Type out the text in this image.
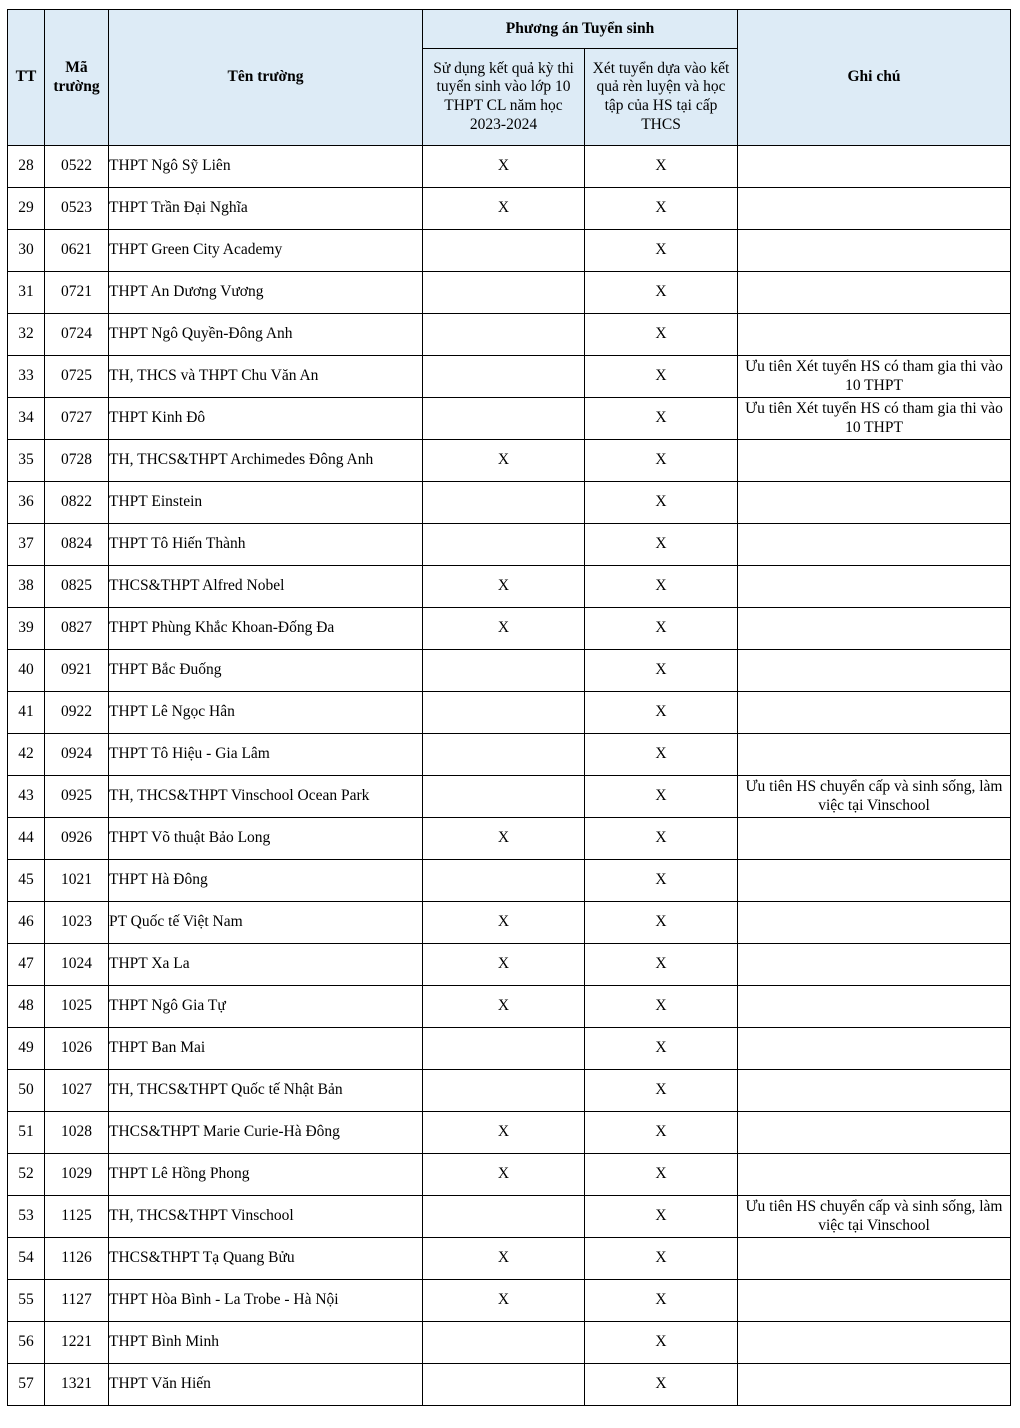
TT	Mã trường	Tên trường	Phương án Tuyển sinh		Ghi chú
			Sử dụng kết quả kỳ thi tuyển sinh vào lớp 10 THPT CL năm học 2023-2024	Xét tuyển dựa vào kết quả rèn luyện và học tập của HS tại cấp THCS	
28	0522	THPT Ngô Sỹ Liên	X	X	
29	0523	THPT Trần Đại Nghĩa	X	X	
30	0621	THPT Green City Academy		X	
31	0721	THPT An Dương Vương		X	
32	0724	THPT Ngô Quyền-Đông Anh		X	
33	0725	TH, THCS và THPT Chu Văn An		X	Ưu tiên Xét tuyển HS có tham gia thi vào 10 THPT
34	0727	THPT Kinh Đô		X	Ưu tiên Xét tuyển HS có tham gia thi vào 10 THPT
35	0728	TH, THCS&THPT Archimedes Đông Anh	X	X	
36	0822	THPT Einstein		X	
37	0824	THPT Tô Hiến Thành		X	
38	0825	THCS&THPT Alfred Nobel	X	X	
39	0827	THPT Phùng Khắc Khoan-Đống Đa	X	X	
40	0921	THPT Bắc Đuống		X	
41	0922	THPT Lê Ngọc Hân		X	
42	0924	THPT Tô Hiệu - Gia Lâm		X	
43	0925	TH, THCS&THPT Vinschool Ocean Park		X	Ưu tiên HS chuyển cấp và sinh sống, làm việc tại Vinschool
44	0926	THPT Võ thuật Bảo Long	X	X	
45	1021	THPT Hà Đông		X	
46	1023	PT Quốc tế Việt Nam	X	X	
47	1024	THPT Xa La	X	X	
48	1025	THPT Ngô Gia Tự	X	X	
49	1026	THPT Ban Mai		X	
50	1027	TH, THCS&THPT Quốc tế Nhật Bản		X	
51	1028	THCS&THPT Marie Curie-Hà Đông	X	X	
52	1029	THPT Lê Hồng Phong	X	X	
53	1125	TH, THCS&THPT Vinschool		X	Ưu tiên HS chuyển cấp và sinh sống, làm việc tại Vinschool
54	1126	THCS&THPT Tạ Quang Bửu	X	X	
55	1127	THPT Hòa Bình - La Trobe - Hà Nội	X	X	
56	1221	THPT Bình Minh		X	
57	1321	THPT Văn Hiến		X	
